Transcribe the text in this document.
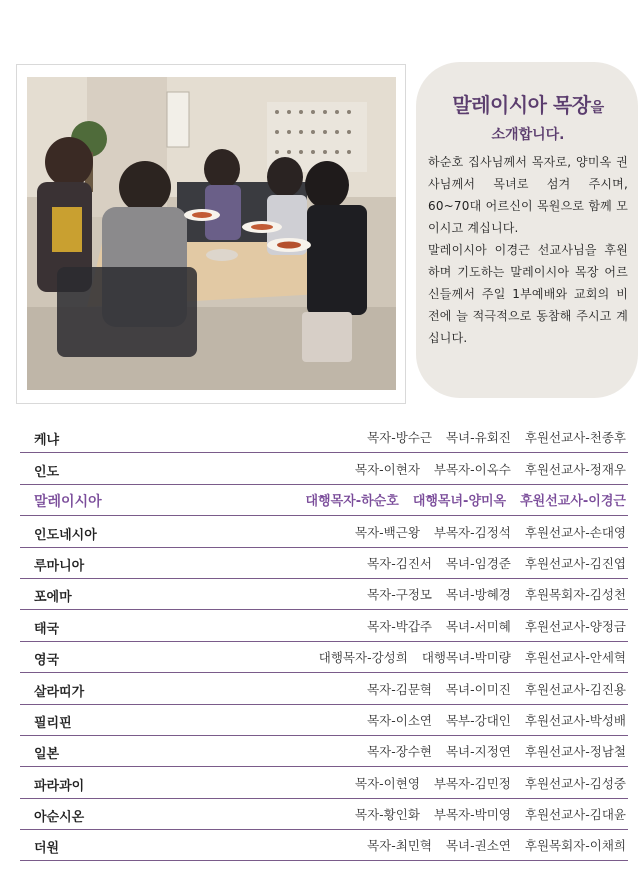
말레이시아 목장을
소개합니다.

하순호 집사님께서 목자로, 양미옥 권사님께서 목녀로 섬겨 주시며, 60~70대 어르신이 목원으로 함께 모이시고 계십니다.

말레이시아 이경근 선교사님을 후원하며 기도하는 말레이시아 목장 어르신들께서 주일 1부예배와 교회의 비전에 늘 적극적으로 동참해 주시고 계십니다.

케냐	목자-방수근 목녀-유회진 후원선교사-천종후
인도	목자-이현자 부목자-이옥수 후원선교사-정재우
말레이시아	대행목자-하순호 대행목녀-양미옥 후원선교사-이경근
인도네시아	목자-백근왕 부목자-김정석 후원선교사-손대영
루마니아	목자-김진서 목녀-임경준 후원선교사-김진엽
포에마	목자-구정모 목녀-방혜경 후원목회자-김성천
태국	목자-박갑주 목녀-서미혜 후원선교사-양정금
영국	대행목자-강성희 대행목녀-박미량 후원선교사-안세혁
살라띠가	목자-김문혁 목녀-이미진 후원선교사-김진용
필리핀	목자-이소연 목부-강대인 후원선교사-박성배
일본	목자-장수현 목녀-지정연 후원선교사-정남철
파라과이	목자-이현영 부목자-김민정 후원선교사-김성중
아순시온	목자-황인화 부목자-박미영 후원선교사-김대윤
더원	목자-최민혁 목녀-권소연 후원목회자-이채희
